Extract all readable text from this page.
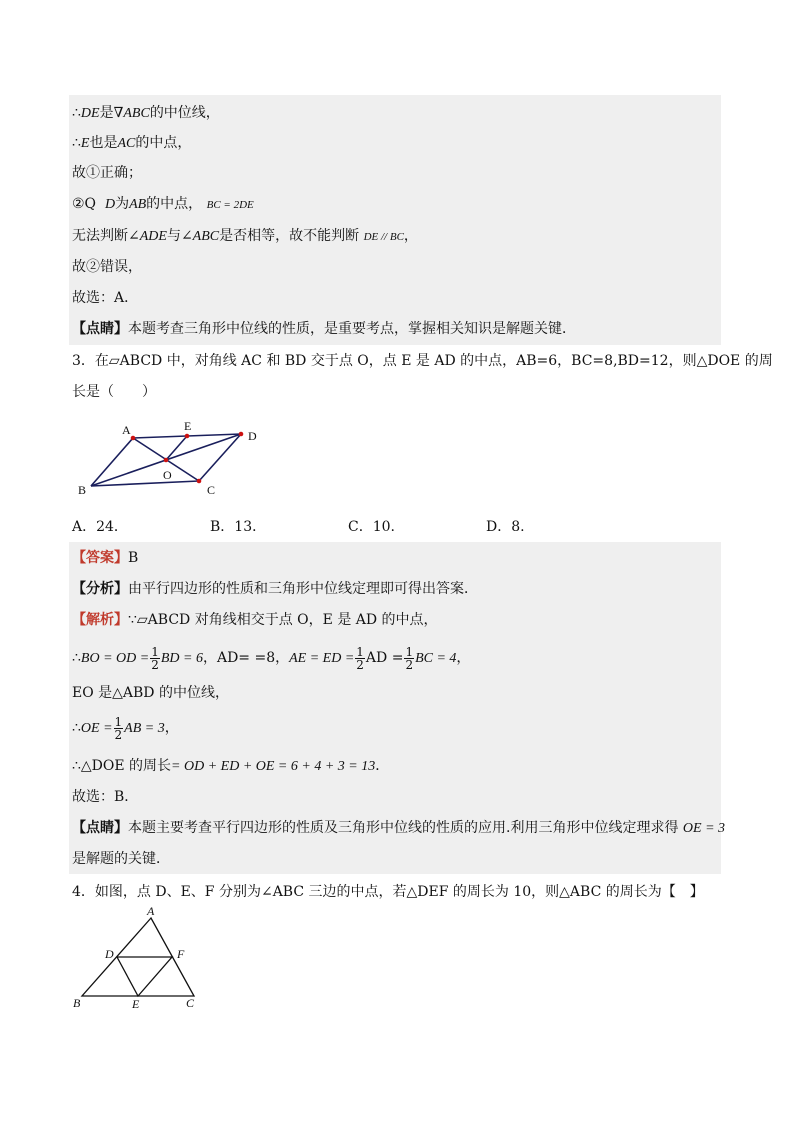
∴DE是∇ABC的中位线，
∴E也是AC的中点，
故①正确；
②Q D为AB的中点， BC = 2DE
无法判断∠ADE与∠ABC是否相等，故不能判断 DE // BC，
故②错误，
故选：A．
【点睛】本题考查三角形中位线的性质，是重要考点，掌握相关知识是解题关键．
3．在▱ABCD 中，对角线 AC 和 BD 交于点 O，点 E 是 AD 的中点，AB=6，BC=8,BD=12，则△DOE 的周
长是（　　）
A	E
D
O
B	C
A．24．	B．13．	C．10.	D．8.
【答案】B
【分析】由平行四边形的性质和三角形中位线定理即可得出答案．
【解析】∵▱ABCD 对角线相交于点 O，E 是 AD 的中点，
∴BO = OD = $\frac{1}{2}$ BD = 6，AD= =8，AE = ED = $\frac{1}{2}$ AD = $\frac{1}{2}$ BC = 4，
EO 是△ABD 的中位线，
∴OE = $\frac{1}{2}$ AB = 3，
∴△DOE 的周长= OD + ED + OE = 6 + 4 + 3 = 13．
故选：B．
【点睛】本题主要考查平行四边形的性质及三角形中位线的性质的应用.利用三角形中位线定理求得 OE = 3
是解题的关键．
4．如图，点 D、E、F 分别为∠ABC 三边的中点，若△DEF 的周长为 10，则△ABC 的周长为【　】
A
D	F
B	E	C
